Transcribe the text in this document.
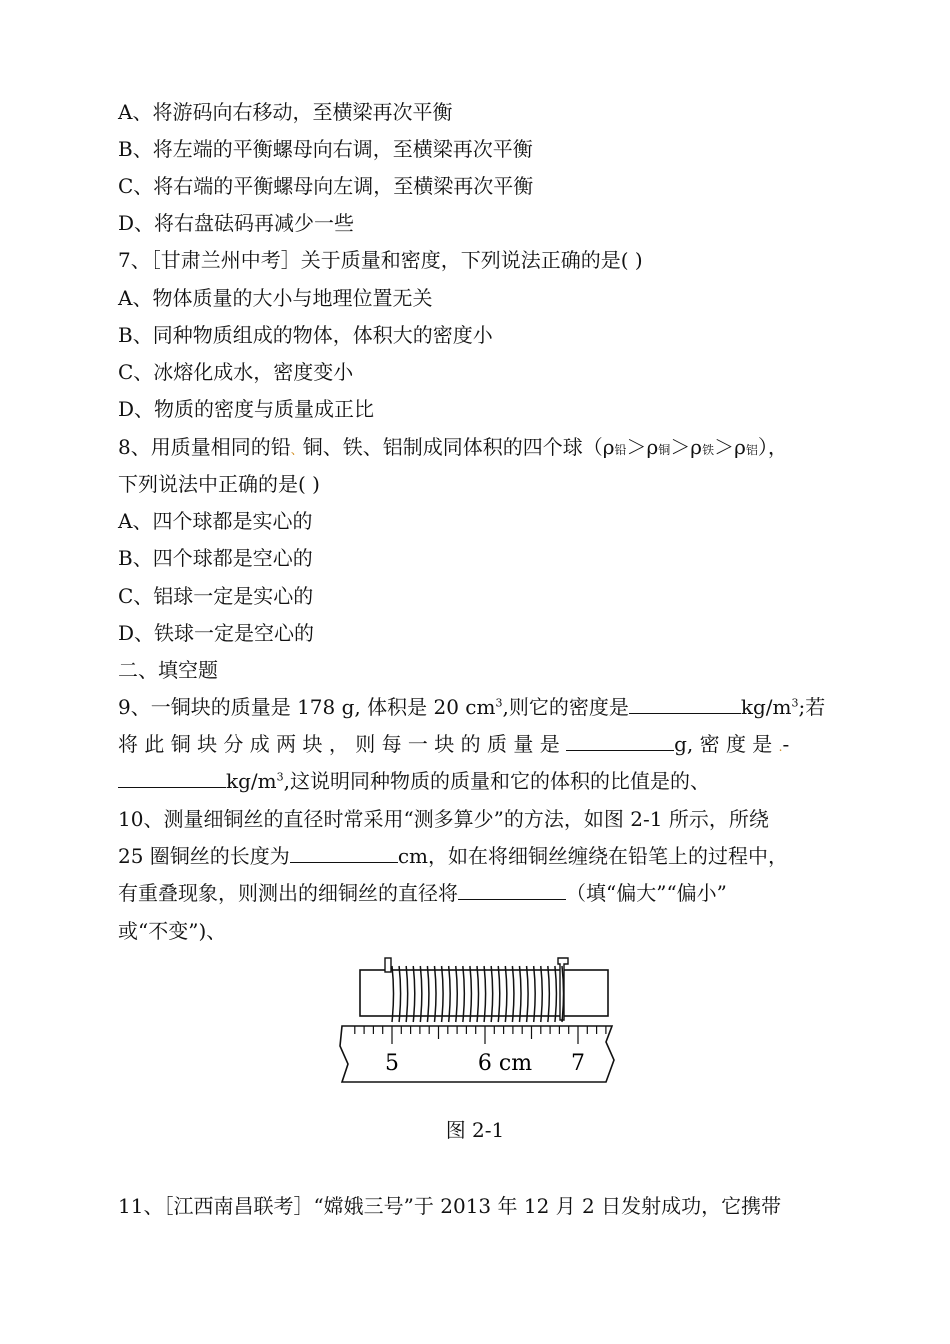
A、将游码向右移动，至横梁再次平衡
B、将左端的平衡螺母向右调，至横梁再次平衡
C、将右端的平衡螺母向左调，至横梁再次平衡
D、将右盘砝码再减少一些
7、［甘肃兰州中考］关于质量和密度，下列说法正确的是( )
A、物体质量的大小与地理位置无关
B、同种物质组成的物体，体积大的密度小
C、冰熔化成水，密度变小
D、物质的密度与质量成正比
8、用质量相同的铅、铜、铁、铝制成同体积的四个球（ρ铅＞ρ铜＞ρ铁＞ρ铝），
下列说法中正确的是( )
A、四个球都是实心的
B、四个球都是空心的
C、铝球一定是实心的
D、铁球一定是空心的
二、填空题
9、一铜块的质量是 178 g, 体积是 20 $cm^3$,则它的密度是	$kg/m^3$;若
将 此 铜 块 分 成 两 块 ， 则 每 一 块 的 质 量 是	g, 密 度 是 .-
$kg/m^3$,这说明同种物质的质量和它的体积的比值是的、
10、测量细铜丝的直径时常采用“测多算少”的方法，如图 2-1 所示，所绕
25 圈铜丝的长度为	cm，如在将细铜丝缠绕在铅笔上的过程中，
有重叠现象，则测出的细铜丝的直径将	（填“偏大”“偏小”
或“不变”)、
5	6 cm 7
图 2-1
11、［江西南昌联考］“嫦娥三号”于 2013 年 12 月 2 日发射成功，它携带
